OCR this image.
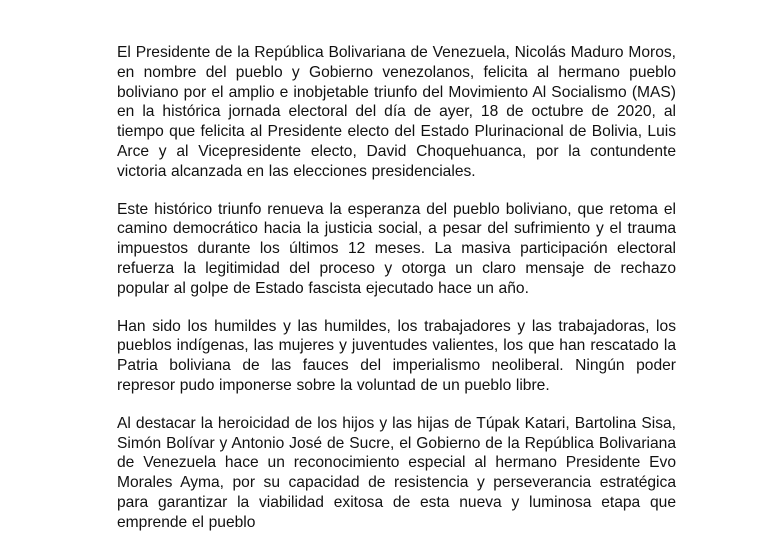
El Presidente de la República Bolivariana de Venezuela, Nicolás Maduro Moros, en nombre del pueblo y Gobierno venezolanos, felicita al hermano pueblo boliviano por el amplio e inobjetable triunfo del Movimiento Al Socialismo (MAS) en la histórica jornada electoral del día de ayer, 18 de octubre de 2020, al tiempo que felicita al Presidente electo del Estado Plurinacional de Bolivia, Luis Arce y al Vicepresidente electo, David Choquehuanca, por la contundente victoria alcanzada en las elecciones presidenciales.

Este histórico triunfo renueva la esperanza del pueblo boliviano, que retoma el camino democrático hacia la justicia social, a pesar del sufrimiento y el trauma impuestos durante los últimos 12 meses. La masiva participación electoral refuerza la legitimidad del proceso y otorga un claro mensaje de rechazo popular al golpe de Estado fascista ejecutado hace un año.

Han sido los humildes y las humildes, los trabajadores y las trabajadoras, los pueblos indígenas, las mujeres y juventudes valientes, los que han rescatado la Patria boliviana de las fauces del imperialismo neoliberal. Ningún poder represor pudo imponerse sobre la voluntad de un pueblo libre.

Al destacar la heroicidad de los hijos y las hijas de Túpak Katari, Bartolina Sisa, Simón Bolívar y Antonio José de Sucre, el Gobierno de la República Bolivariana de Venezuela hace un reconocimiento especial al hermano Presidente Evo Morales Ayma, por su capacidad de resistencia y perseverancia estratégica para garantizar la viabilidad exitosa de esta nueva y luminosa etapa que emprende el pueblo
